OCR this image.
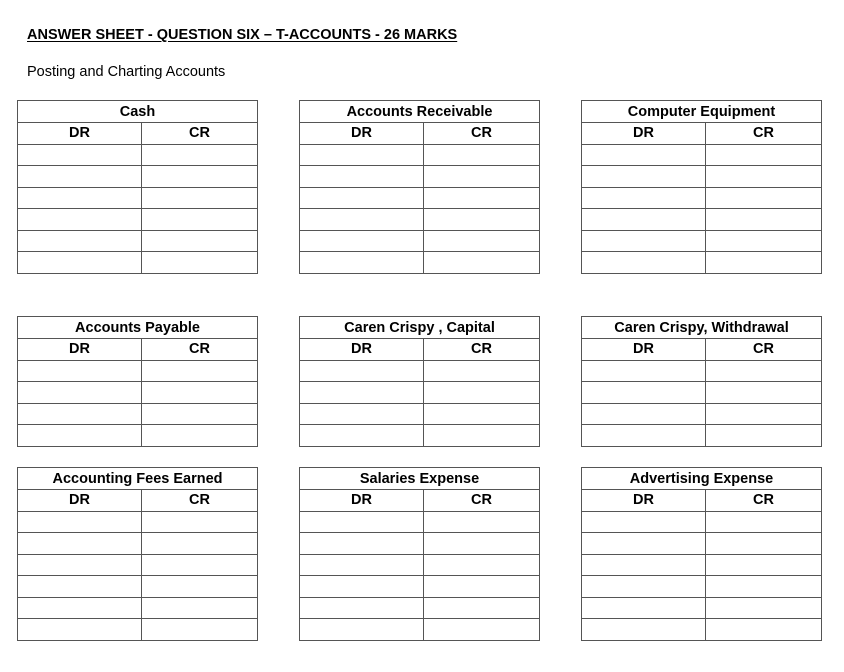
ANSWER SHEET - QUESTION SIX – T-ACCOUNTS - 26 MARKS
Posting and Charting Accounts
Cash	
DR	CR

Accounts Receivable	
DR	CR

Computer Equipment	
DR	CR

Accounts Payable	
DR	CR

Caren Crispy , Capital	
DR	CR

Caren Crispy, Withdrawal	
DR	CR

Accounting Fees Earned	
DR	CR

Salaries Expense	
DR	CR

Advertising Expense	
DR	CR
